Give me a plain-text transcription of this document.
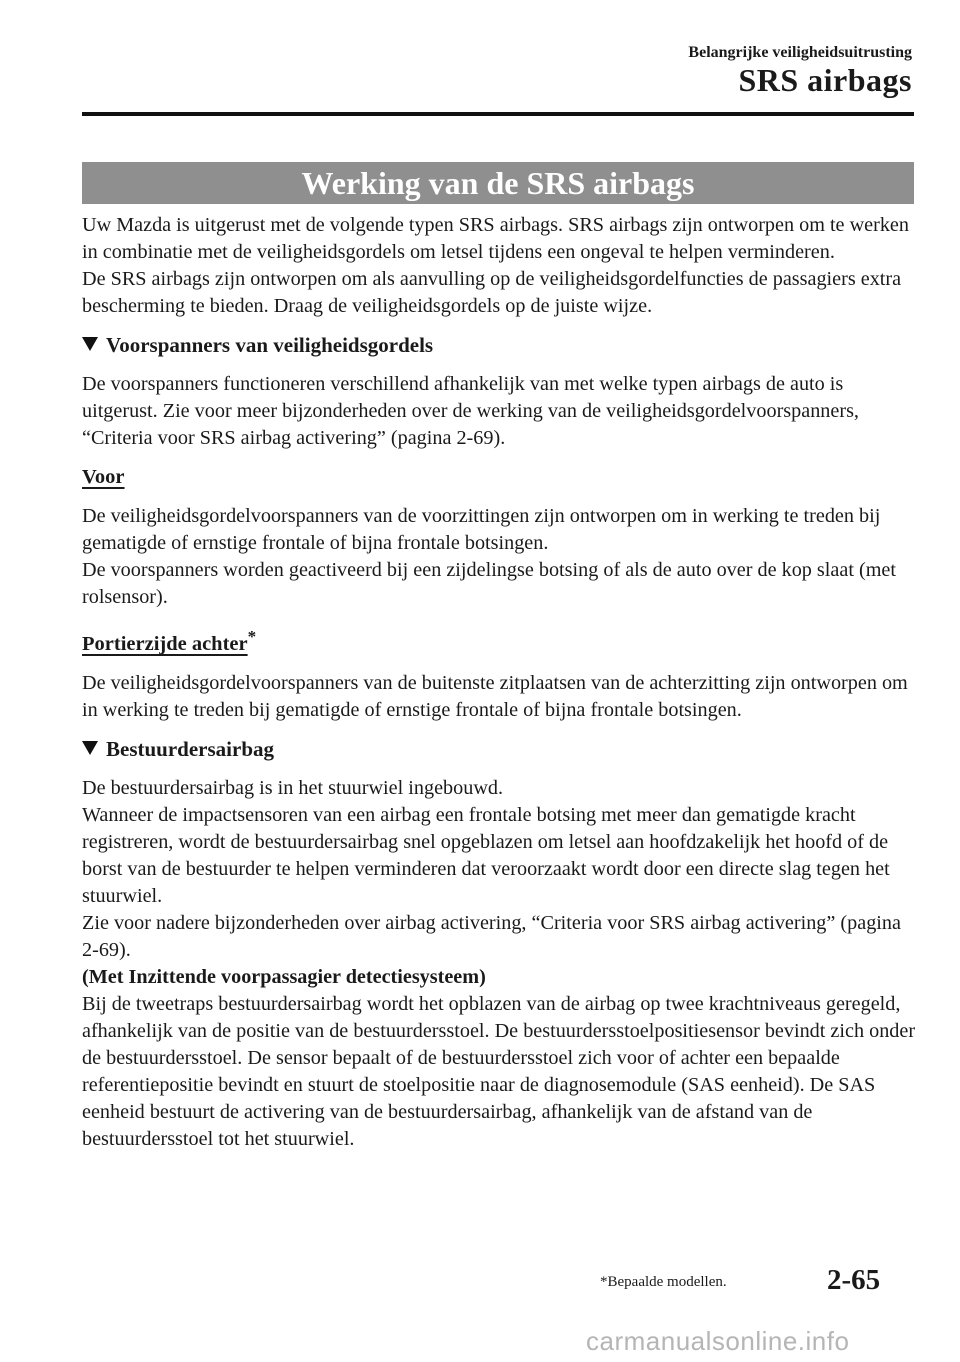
Belangrijke veiligheidsuitrusting
SRS airbags
Werking van de SRS airbags

Uw Mazda is uitgerust met de volgende typen SRS airbags. SRS airbags zijn ontworpen om te werken in combinatie met de veiligheidsgordels om letsel tijdens een ongeval te helpen verminderen.

De SRS airbags zijn ontworpen om als aanvulling op de veiligheidsgordelfuncties de passagiers extra bescherming te bieden. Draag de veiligheidsgordels op de juiste wijze.

Voorspanners van veiligheidsgordels

De voorspanners functioneren verschillend afhankelijk van met welke typen airbags de auto is uitgerust. Zie voor meer bijzonderheden over de werking van de veiligheidsgordelvoorspanners, “Criteria voor SRS airbag activering” (pagina 2-69).

Voor

De veiligheidsgordelvoorspanners van de voorzittingen zijn ontworpen om in werking te treden bij gematigde of ernstige frontale of bijna frontale botsingen.

De voorspanners worden geactiveerd bij een zijdelingse botsing of als de auto over de kop slaat (met rolsensor).

Portierzijde achter*

De veiligheidsgordelvoorspanners van de buitenste zitplaatsen van de achterzitting zijn ontworpen om in werking te treden bij gematigde of ernstige frontale of bijna frontale botsingen.

Bestuurdersairbag

De bestuurdersairbag is in het stuurwiel ingebouwd.

Wanneer de impactsensoren van een airbag een frontale botsing met meer dan gematigde kracht registreren, wordt de bestuurdersairbag snel opgeblazen om letsel aan hoofdzakelijk het hoofd of de borst van de bestuurder te helpen verminderen dat veroorzaakt wordt door een directe slag tegen het stuurwiel.

Zie voor nadere bijzonderheden over airbag activering, “Criteria voor SRS airbag activering” (pagina 2-69).

(Met Inzittende voorpassagier detectiesysteem)

Bij de tweetraps bestuurdersairbag wordt het opblazen van de airbag op twee krachtniveaus geregeld, afhankelijk van de positie van de bestuurdersstoel. De bestuurdersstoelpositiesensor bevindt zich onder de bestuurdersstoel. De sensor bepaalt of de bestuurdersstoel zich voor of achter een bepaalde referentiepositie bevindt en stuurt de stoelpositie naar de diagnosemodule (SAS eenheid). De SAS eenheid bestuurt de activering van de bestuurdersairbag, afhankelijk van de afstand van de bestuurdersstoel tot het stuurwiel.

*Bepaalde modellen.	2-65
carmanualsonline.info
